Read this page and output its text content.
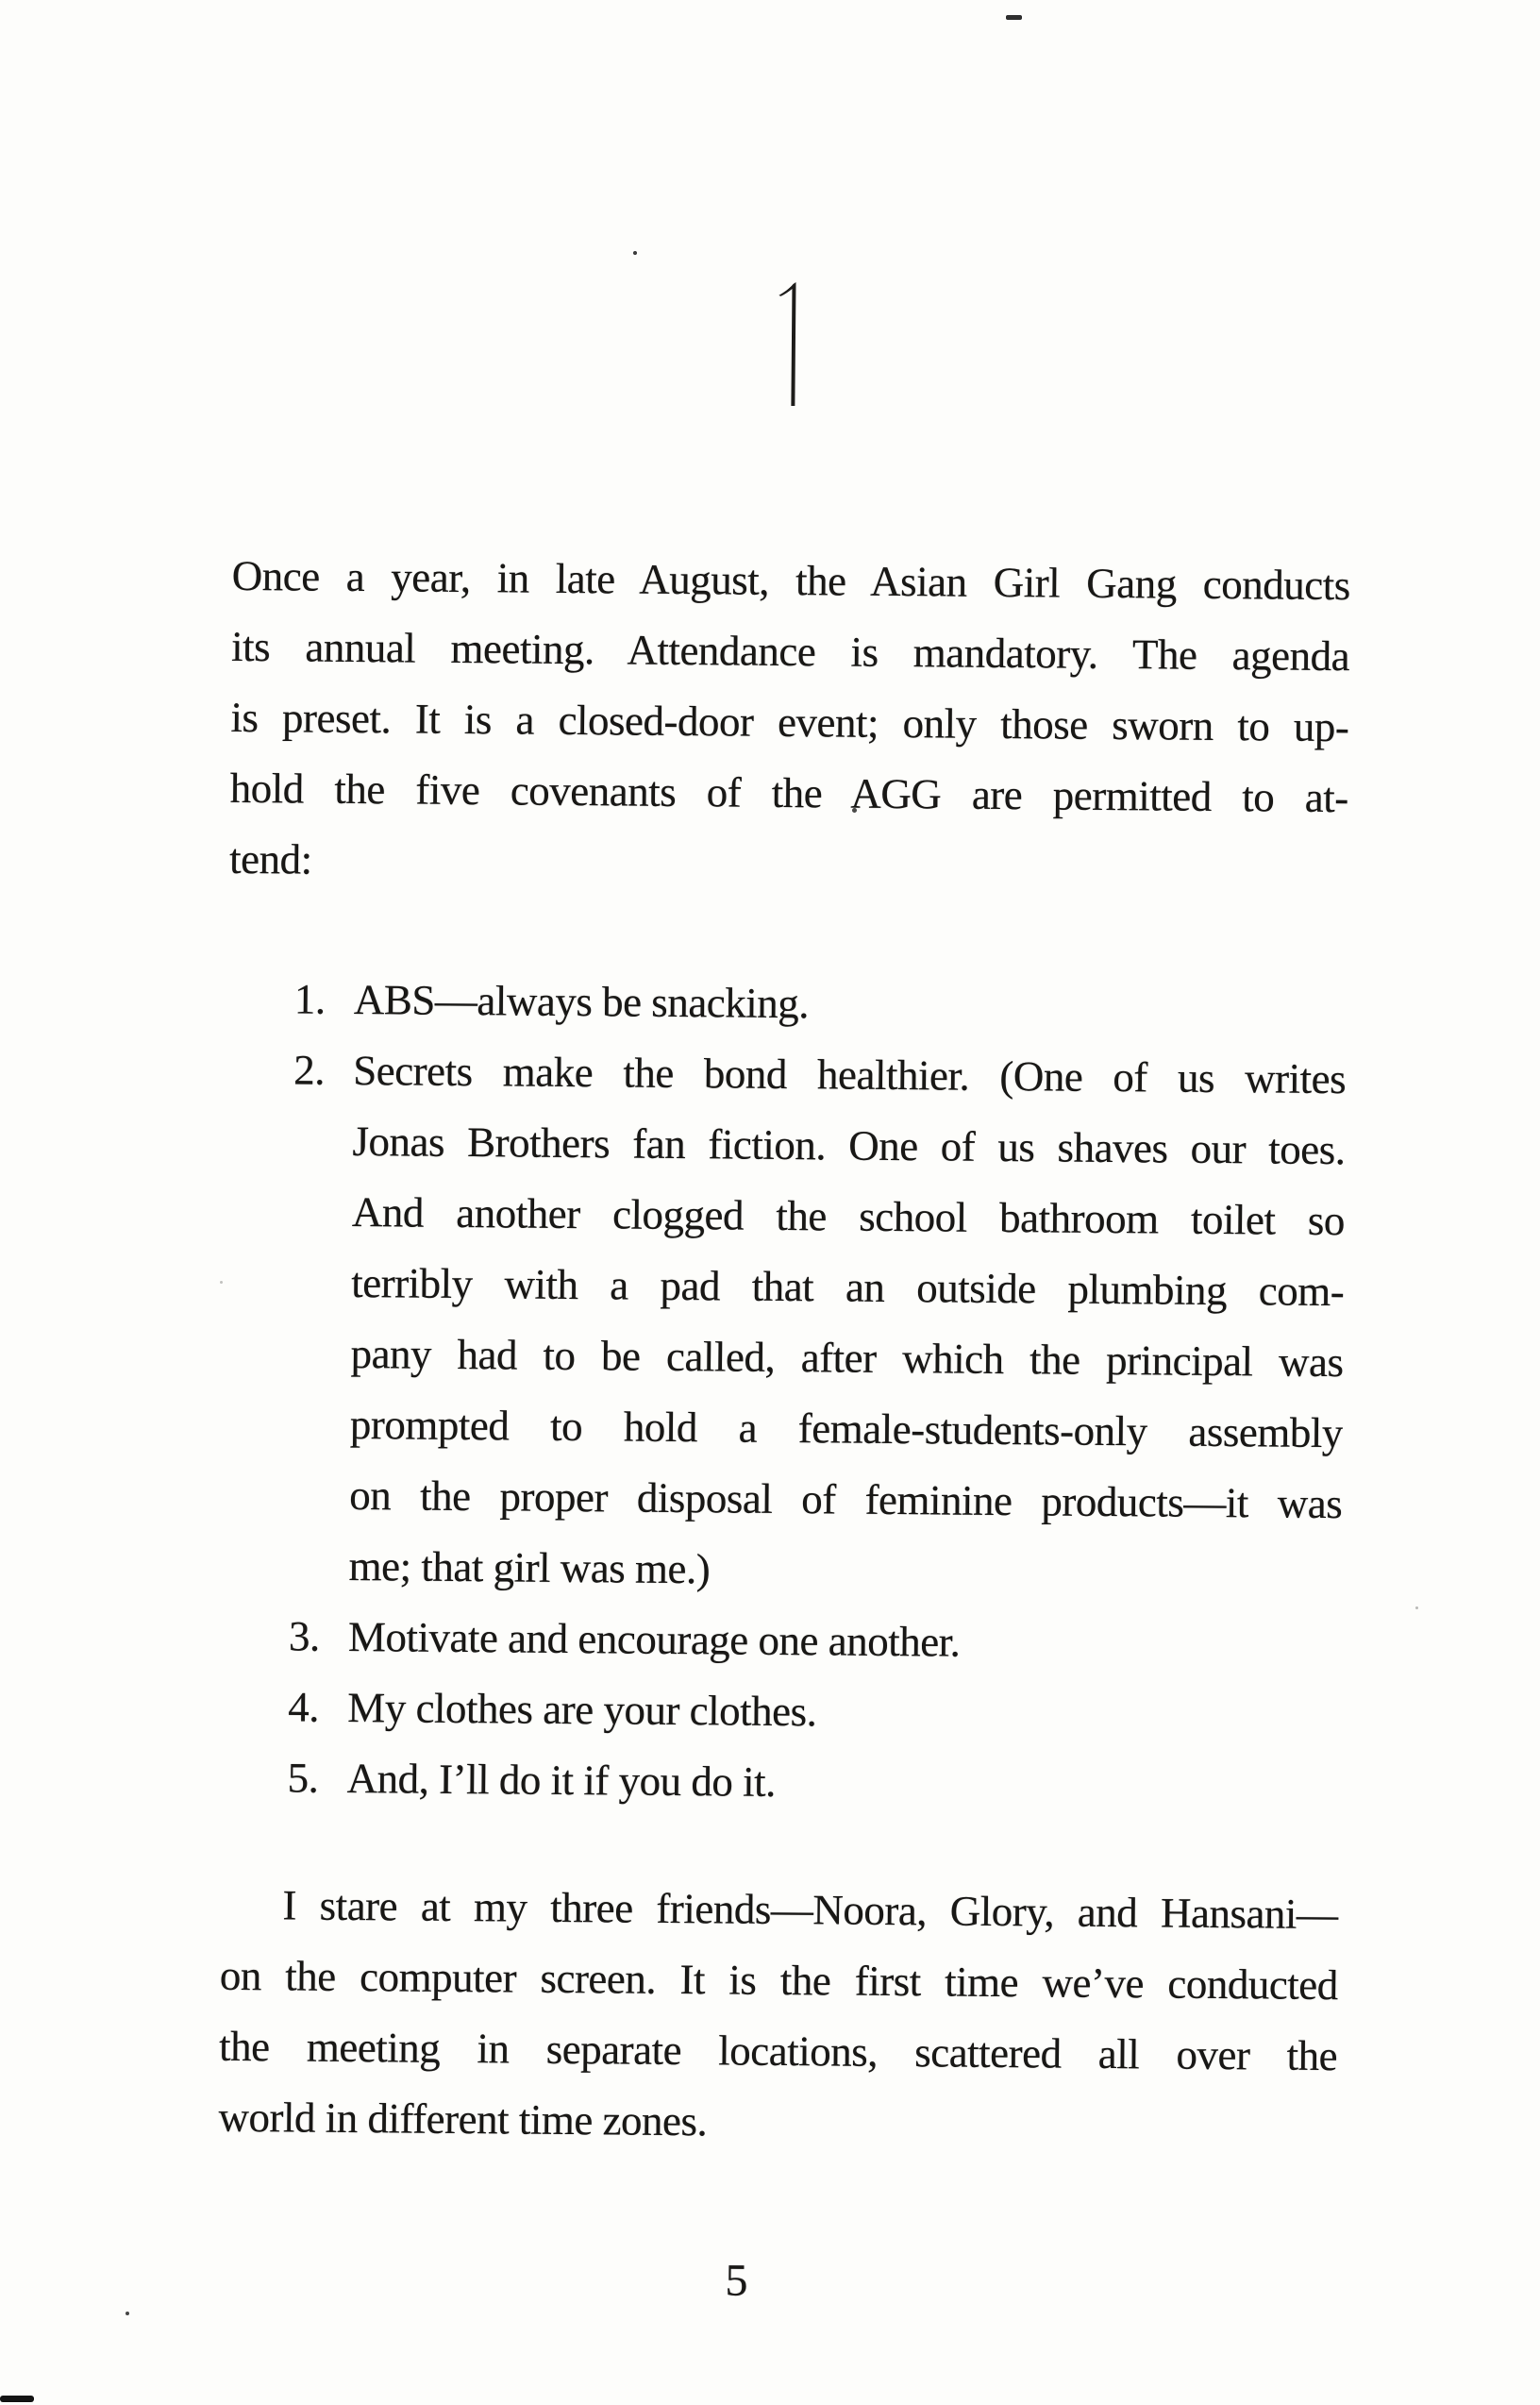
Once a year, in late August, the Asian Girl Gang conducts
its annual meeting. Attendance is mandatory. The agenda
is preset. It is a closed-door event; only those sworn to up-
hold the five covenants of the AGG are permitted to at-
tend:
1. ABS—always be snacking.
2. Secrets make the bond healthier. (One of us writes
Jonas Brothers fan fiction. One of us shaves our toes.
And another clogged the school bathroom toilet so
terribly with a pad that an outside plumbing com-
pany had to be called, after which the principal was
prompted to hold a female-students-only assembly
on the proper disposal of feminine products—it was
me; that girl was me.)
3. Motivate and encourage one another.
4. My clothes are your clothes.
5. And, I’ll do it if you do it.
I stare at my three friends—Noora, Glory, and Hansani—
on the computer screen. It is the first time we’ve conducted
the meeting in separate locations, scattered all over the
world in different time zones.
5
